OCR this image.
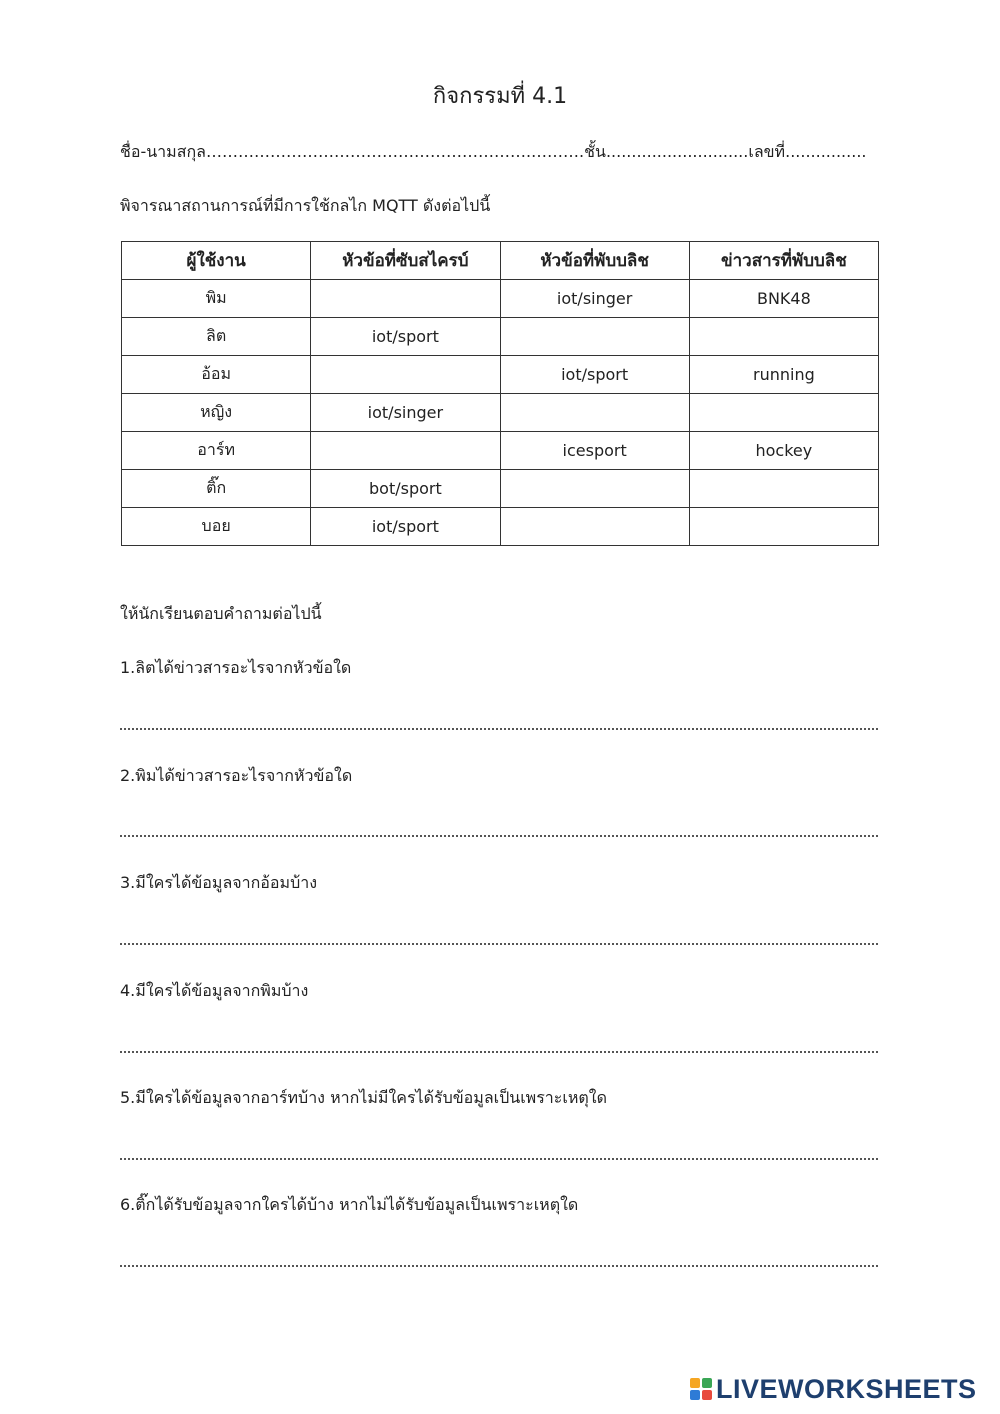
กิจกรรมที่ 4.1
ชื่อ-นามสกุล…………………………………………………….……….ชั้น............................เลขที่................
พิจารณาสถานการณ์ที่มีการใช้กลไก MQTT ดังต่อไปนี้
ผู้ใช้งาน	หัวข้อที่ซับสไครบ์	หัวข้อที่พับบลิช	ข่าวสารที่พับบลิช
พิม		iot/singer	BNK48
ลิต	iot/sport		
อ้อม		iot/sport	running
หญิง	iot/singer		
อาร์ท		icesport	hockey
ติ๊ก	bot/sport		
บอย	iot/sport		
ให้นักเรียนตอบคำถามต่อไปนี้
1.ลิตได้ข่าวสารอะไรจากหัวข้อใด
2.พิมได้ข่าวสารอะไรจากหัวข้อใด
3.มีใครได้ข้อมูลจากอ้อมบ้าง
4.มีใครได้ข้อมูลจากพิมบ้าง
5.มีใครได้ข้อมูลจากอาร์ทบ้าง หากไม่มีใครได้รับข้อมูลเป็นเพราะเหตุใด
6.ติ๊กได้รับข้อมูลจากใครได้บ้าง หากไม่ได้รับข้อมูลเป็นเพราะเหตุใด
LIVEWORKSHEETS
